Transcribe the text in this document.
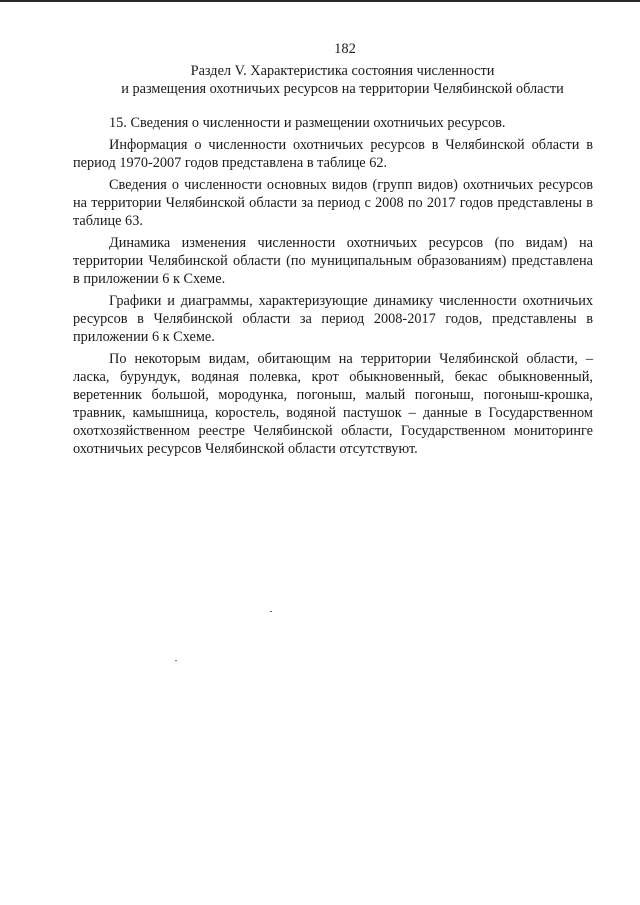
182
Раздел V. Характеристика состояния численности
и размещения охотничьих ресурсов на территории Челябинской области

15. Сведения о численности и размещении охотничьих ресурсов.

Информация о численности охотничьих ресурсов в Челябинской области в период 1970-2007 годов представлена в таблице 62.

Сведения о численности основных видов (групп видов) охотничьих ресурсов на территории Челябинской области за период с 2008 по 2017 годов представлены в таблице 63.

Динамика изменения численности охотничьих ресурсов (по видам) на территории Челябинской области (по муниципальным образованиям) представлена в приложении 6 к Схеме.

Графики и диаграммы, характеризующие динамику численности охотничьих ресурсов в Челябинской области за период 2008-2017 годов, представлены в приложении 6 к Схеме.

По некоторым видам, обитающим на территории Челябинской области, – ласка, бурундук, водяная полевка, крот обыкновенный, бекас обыкновенный, веретенник большой, мородунка, погоныш, малый погоныш, погоныш-крошка, травник, камышница, коростель, водяной пастушок – данные в Государственном охотхозяйственном реестре Челябинской области, Государственном мониторинге охотничьих ресурсов Челябинской области отсутствуют.
